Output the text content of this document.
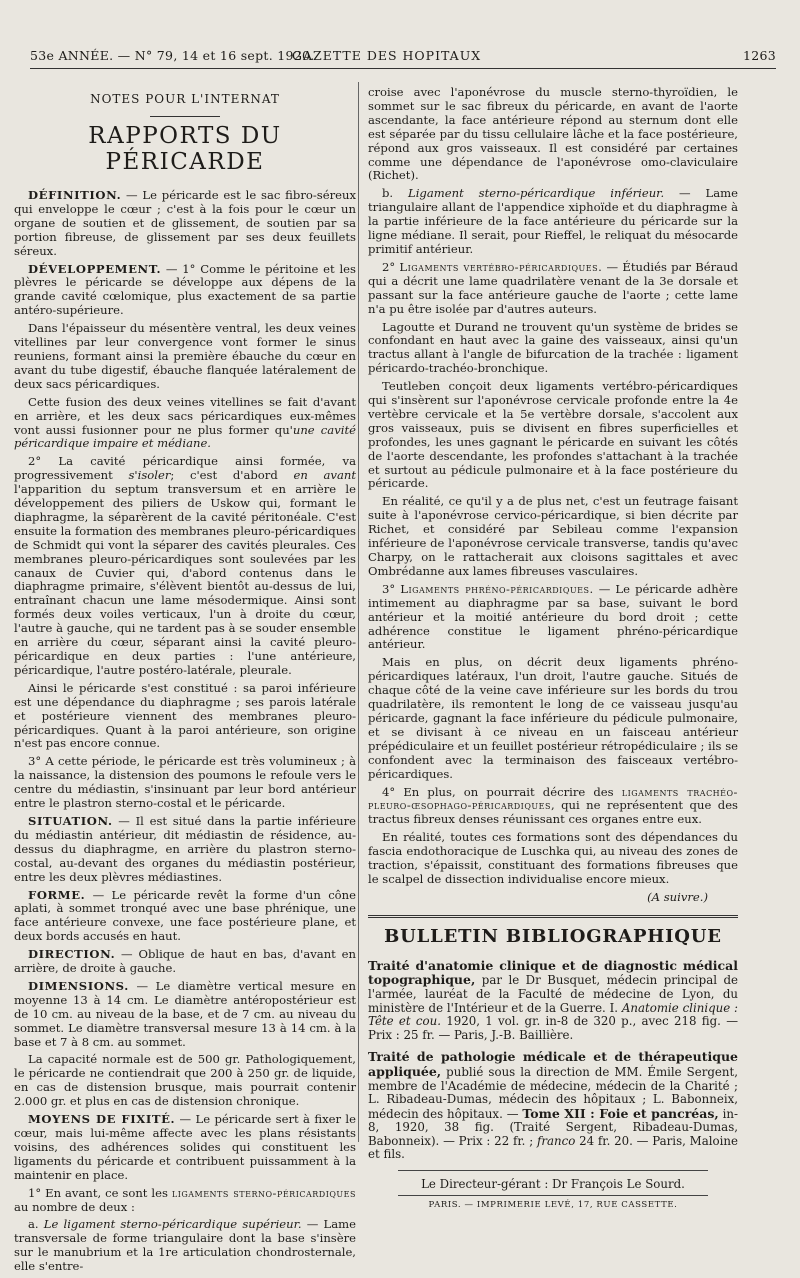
53e ANNÉE. — N° 79, 14 et 16 sept. 1920.
GAZETTE DES HOPITAUX	1263
NOTES POUR L'INTERNAT
RAPPORTS DU PÉRICARDE

DÉFINITION. — Le péricarde est le sac fibro-séreux qui enveloppe le cœur ; c'est à la fois pour le cœur un organe de soutien et de glissement, de soutien par sa portion fibreuse, de glissement par ses deux feuillets séreux.

DÉVELOPPEMENT. — 1° Comme le péritoine et les plèvres le péricarde se développe aux dépens de la grande cavité cœlomique, plus exactement de sa partie antéro-supérieure.

Dans l'épaisseur du mésentère ventral, les deux veines vitellines par leur convergence vont former le sinus reuniens, formant ainsi la première ébauche du cœur en avant du tube digestif, ébauche flanquée latéralement de deux sacs péricardiques.

Cette fusion des deux veines vitellines se fait d'avant en arrière, et les deux sacs péricardiques eux-mêmes vont aussi fusionner pour ne plus former qu'une cavité péricardique impaire et médiane.

2° La cavité péricardique ainsi formée, va progressivement s'isoler; c'est d'abord en avant l'apparition du septum transversum et en arrière le développement des piliers de Uskow qui, formant le diaphragme, la séparèrent de la cavité péritonéale. C'est ensuite la formation des membranes pleuro-péricardiques de Schmidt qui vont la séparer des cavités pleurales. Ces membranes pleuro-péricardiques sont soulevées par les canaux de Cuvier qui, d'abord contenus dans le diaphragme primaire, s'élèvent bientôt au-dessus de lui, entraînant chacun une lame mésodermique. Ainsi sont formés deux voiles verticaux, l'un à droite du cœur, l'autre à gauche, qui ne tardent pas à se souder ensemble en arrière du cœur, séparant ainsi la cavité pleuro-péricardique en deux parties : l'une antérieure, péricardique, l'autre postéro-latérale, pleurale.

Ainsi le péricarde s'est constitué : sa paroi inférieure est une dépendance du diaphragme ; ses parois latérale et postérieure viennent des membranes pleuro-péricardiques. Quant à la paroi antérieure, son origine n'est pas encore connue.

3° A cette période, le péricarde est très volumineux ; à la naissance, la distension des poumons le refoule vers le centre du médiastin, s'insinuant par leur bord antérieur entre le plastron sterno-costal et le péricarde.

SITUATION. — Il est situé dans la partie inférieure du médiastin antérieur, dit médiastin de résidence, au-dessus du diaphragme, en arrière du plastron sterno-costal, au-devant des organes du médiastin postérieur, entre les deux plèvres médiastines.

FORME. — Le péricarde revêt la forme d'un cône aplati, à sommet tronqué avec une base phrénique, une face antérieure convexe, une face postérieure plane, et deux bords accusés en haut.

DIRECTION. — Oblique de haut en bas, d'avant en arrière, de droite à gauche.

DIMENSIONS. — Le diamètre vertical mesure en moyenne 13 à 14 cm. Le diamètre antéropostérieur est de 10 cm. au niveau de la base, et de 7 cm. au niveau du sommet. Le diamètre transversal mesure 13 à 14 cm. à la base et 7 à 8 cm. au sommet.

La capacité normale est de 500 gr. Pathologiquement, le péricarde ne contiendrait que 200 à 250 gr. de liquide, en cas de distension brusque, mais pourrait contenir 2.000 gr. et plus en cas de distension chronique.

MOYENS DE FIXITÉ. — Le péricarde sert à fixer le cœur, mais lui-même affecte avec les plans résistants voisins, des adhérences solides qui constituent les ligaments du péricarde et contribuent puissamment à la maintenir en place.

1° En avant, ce sont les ligaments sterno-péricardiques au nombre de deux :

a. Le ligament sterno-péricardique supérieur. — Lame transversale de forme triangulaire dont la base s'insère sur le manubrium et la 1re articulation chondrosternale, elle s'entre-

croise avec l'aponévrose du muscle sterno-thyroïdien, le sommet sur le sac fibreux du péricarde, en avant de l'aorte ascendante, la face antérieure répond au sternum dont elle est séparée par du tissu cellulaire lâche et la face postérieure, répond aux gros vaisseaux. Il est considéré par certaines comme une dépendance de l'aponévrose omo-claviculaire (Richet).

b. Ligament sterno-péricardique inférieur. — Lame triangulaire allant de l'appendice xiphoïde et du diaphragme à la partie inférieure de la face antérieure du péricarde sur la ligne médiane. Il serait, pour Rieffel, le reliquat du mésocarde primitif antérieur.

2° Ligaments vertébro-péricardiques. — Étudiés par Béraud qui a décrit une lame quadrilatère venant de la 3e dorsale et passant sur la face antérieure gauche de l'aorte ; cette lame n'a pu être isolée par d'autres auteurs.

Lagoutte et Durand ne trouvent qu'un système de brides se confondant en haut avec la gaine des vaisseaux, ainsi qu'un tractus allant à l'angle de bifurcation de la trachée : ligament péricardo-trachéo-bronchique.

Teutleben conçoit deux ligaments vertébro-péricardiques qui s'insèrent sur l'aponévrose cervicale profonde entre la 4e vertèbre cervicale et la 5e vertèbre dorsale, s'accolent aux gros vaisseaux, puis se divisent en fibres superficielles et profondes, les unes gagnant le péricarde en suivant les côtés de l'aorte descendante, les profondes s'attachant à la trachée et surtout au pédicule pulmonaire et à la face postérieure du péricarde.

En réalité, ce qu'il y a de plus net, c'est un feutrage faisant suite à l'aponévrose cervico-péricardique, si bien décrite par Richet, et considéré par Sebileau comme l'expansion inférieure de l'aponévrose cervicale transverse, tandis qu'avec Charpy, on le rattacherait aux cloisons sagittales et avec Ombrédanne aux lames fibreuses vasculaires.

3° Ligaments phréno-péricardiques. — Le péricarde adhère intimement au diaphragme par sa base, suivant le bord antérieur et la moitié antérieure du bord droit ; cette adhérence constitue le ligament phréno-péricardique antérieur.

Mais en plus, on décrit deux ligaments phréno-péricardiques latéraux, l'un droit, l'autre gauche. Situés de chaque côté de la veine cave inférieure sur les bords du trou quadrilatère, ils remontent le long de ce vaisseau jusqu'au péricarde, gagnant la face inférieure du pédicule pulmonaire, et se divisant à ce niveau en un faisceau antérieur prépédiculaire et un feuillet postérieur rétropédiculaire ; ils se confondent avec la terminaison des faisceaux vertébro-péricardiques.

4° En plus, on pourrait décrire des ligaments trachéo-pleuro-œsophago-péricardiques, qui ne représentent que des tractus fibreux denses réunissant ces organes entre eux.

En réalité, toutes ces formations sont des dépendances du fascia endothoracique de Luschka qui, au niveau des zones de traction, s'épaissit, constituant des formations fibreuses que le scalpel de dissection individualise encore mieux.

(A suivre.)

BULLETIN BIBLIOGRAPHIQUE

Traité d'anatomie clinique et de diagnostic médical topographique, par le Dr Busquet, médecin principal de l'armée, lauréat de la Faculté de médecine de Lyon, du ministère de l'Intérieur et de la Guerre. I. Anatomie clinique : Tête et cou. 1920, 1 vol. gr. in-8 de 320 p., avec 218 fig. — Prix : 25 fr. — Paris, J.-B. Baillière.

Traité de pathologie médicale et de thérapeutique appliquée, publié sous la direction de MM. Émile Sergent, membre de l'Académie de médecine, médecin de la Charité ; L. Ribadeau-Dumas, médecin des hôpitaux ; L. Babonneix, médecin des hôpitaux. — Tome XII : Foie et pancréas, in-8, 1920, 38 fig. (Traité Sergent, Ribadeau-Dumas, Babonneix). — Prix : 22 fr. ; franco 24 fr. 20. — Paris, Maloine et fils.

Le Directeur-gérant : Dr François Le Sourd.
PARIS. — IMPRIMERIE LEVÉ, 17, RUE CASSETTE.
